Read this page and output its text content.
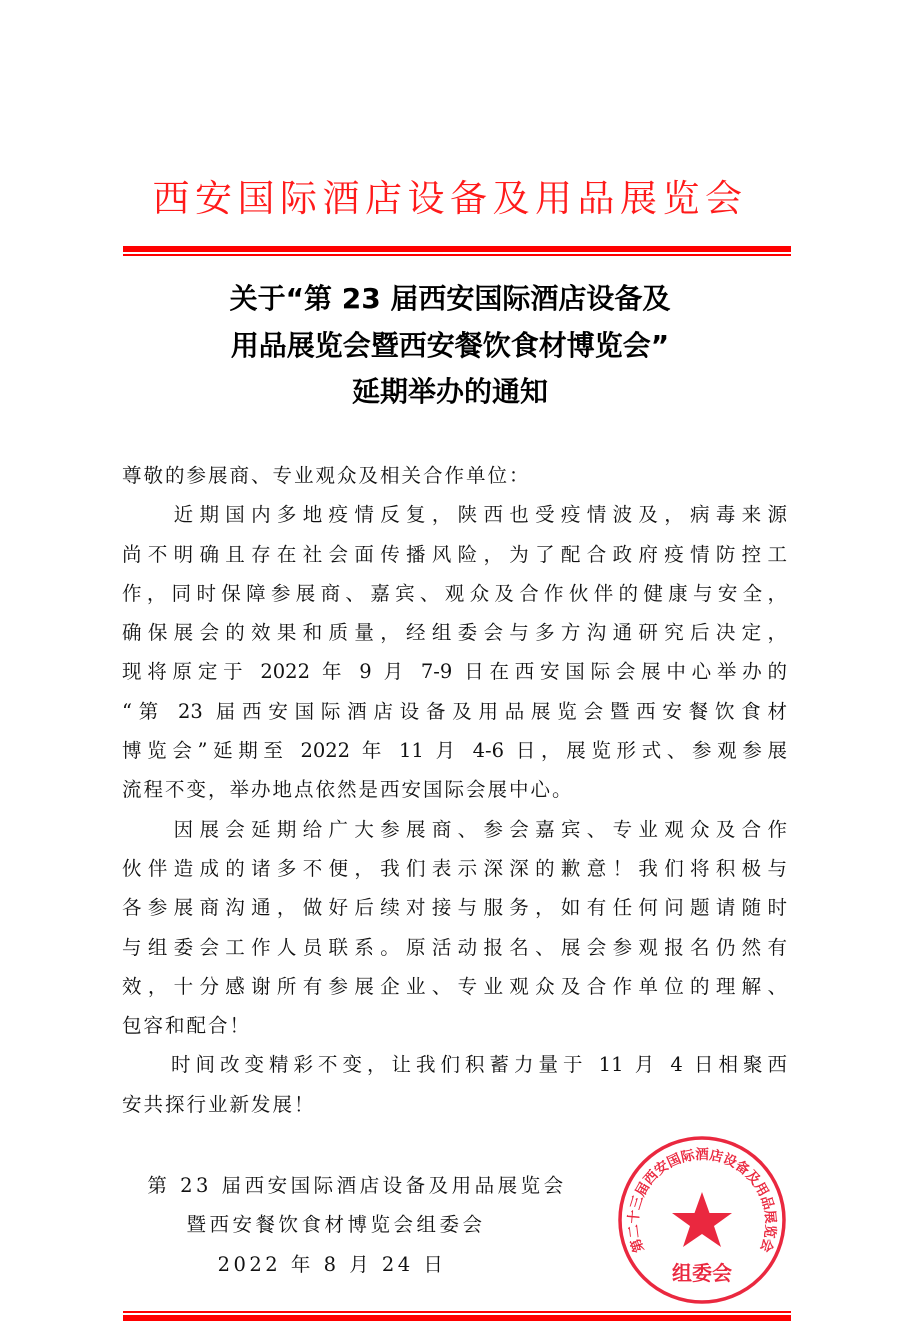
西安国际酒店设备及用品展览会
关于“第 23 届西安国际酒店设备及
用品展览会暨西安餐饮食材博览会”
延期举办的通知
尊敬的参展商、专业观众及相关合作单位：
　　近期国内多地疫情反复，陕西也受疫情波及，病毒来源
尚不明确且存在社会面传播风险，为了配合政府疫情防控工
作，同时保障参展商、嘉宾、观众及合作伙伴的健康与安全，
确保展会的效果和质量，经组委会与多方沟通研究后决定，
现将原定于 2022 年 9 月 7-9 日在西安国际会展中心举办的
“第 23 届西安国际酒店设备及用品展览会暨西安餐饮食材
博览会”延期至 2022 年 11 月 4-6 日，展览形式、参观参展
流程不变，举办地点依然是西安国际会展中心。
　　因展会延期给广大参展商、参会嘉宾、专业观众及合作
伙伴造成的诸多不便，我们表示深深的歉意！我们将积极与
各参展商沟通，做好后续对接与服务，如有任何问题请随时
与组委会工作人员联系。原活动报名、展会参观报名仍然有
效，十分感谢所有参展企业、专业观众及合作单位的理解、
包容和配合！
　　时间改变精彩不变，让我们积蓄力量于 11 月 4 日相聚西
安共探行业新发展！
第 23 届西安国际酒店设备及用品展览会
暨西安餐饮食材博览会组委会
2022 年 8 月 24 日
第二十三届西安国际酒店设备及用品展览会
组委会
